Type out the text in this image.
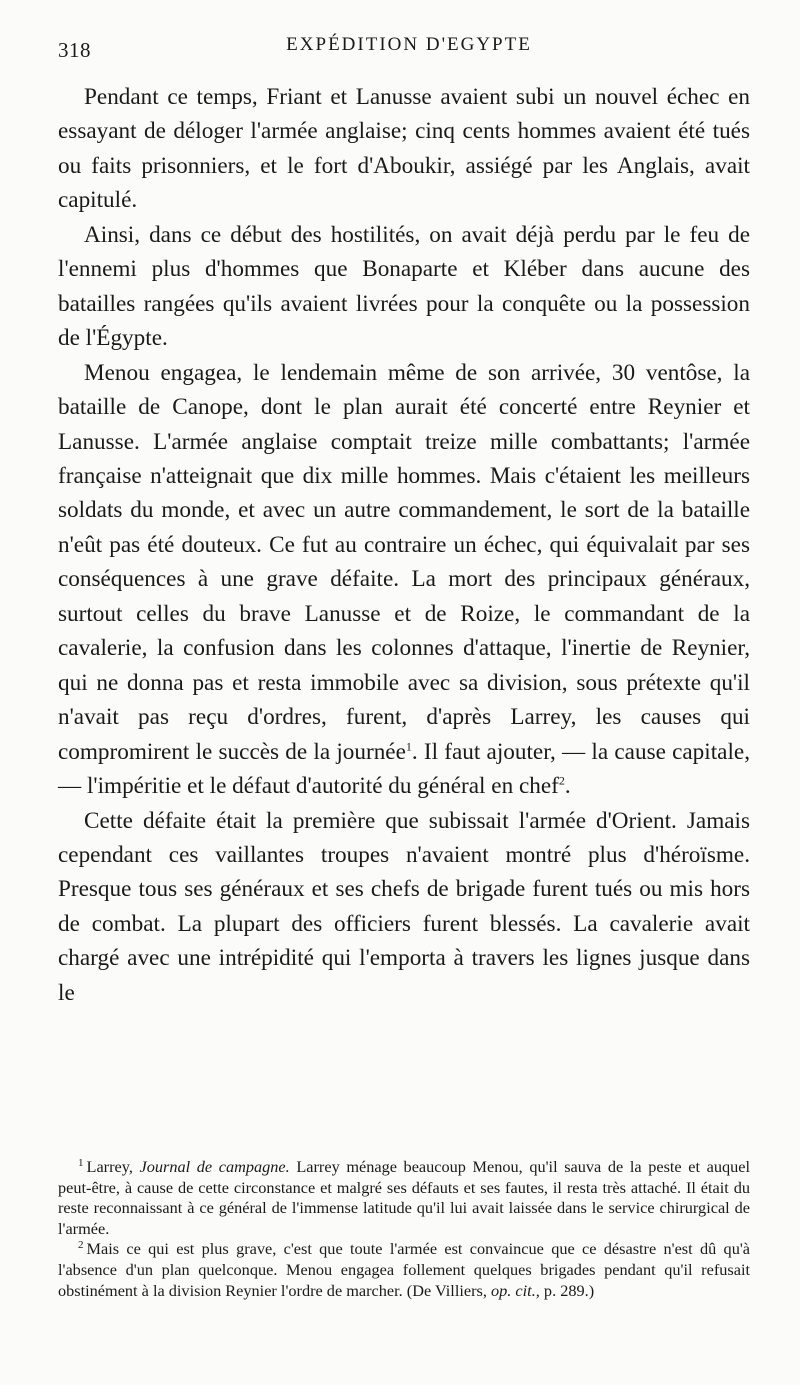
318	EXPÉDITION D'EGYPTE

Pendant ce temps, Friant et Lanusse avaient subi un nouvel échec en essayant de déloger l'armée anglaise; cinq cents hommes avaient été tués ou faits prisonniers, et le fort d'Aboukir, assiégé par les Anglais, avait capitulé.

Ainsi, dans ce début des hostilités, on avait déjà perdu par le feu de l'ennemi plus d'hommes que Bonaparte et Kléber dans aucune des batailles rangées qu'ils avaient livrées pour la conquête ou la possession de l'Égypte.

Menou engagea, le lendemain même de son arrivée, 30 ventôse, la bataille de Canope, dont le plan aurait été concerté entre Reynier et Lanusse. L'armée anglaise comptait treize mille combattants; l'armée française n'atteignait que dix mille hommes. Mais c'étaient les meilleurs soldats du monde, et avec un autre commandement, le sort de la bataille n'eût pas été douteux. Ce fut au contraire un échec, qui équivalait par ses conséquences à une grave défaite. La mort des principaux généraux, surtout celles du brave Lanusse et de Roize, le commandant de la cavalerie, la confusion dans les colonnes d'attaque, l'inertie de Reynier, qui ne donna pas et resta immobile avec sa division, sous prétexte qu'il n'avait pas reçu d'ordres, furent, d'après Larrey, les causes qui compromirent le succès de la journée$^1$. Il faut ajouter, — la cause capitale, — l'impéritie et le défaut d'autorité du général en chef$^2$.

Cette défaite était la première que subissait l'armée d'Orient. Jamais cependant ces vaillantes troupes n'avaient montré plus d'héroïsme. Presque tous ses généraux et ses chefs de brigade furent tués ou mis hors de combat. La plupart des officiers furent blessés. La cavalerie avait chargé avec une intrépidité qui l'emporta à travers les lignes jusque dans le

$^1$ Larrey, Journal de campagne. Larrey ménage beaucoup Menou, qu'il sauva de la peste et auquel peut-être, à cause de cette circonstance et malgré ses défauts et ses fautes, il resta très attaché. Il était du reste reconnaissant à ce général de l'immense latitude qu'il lui avait laissée dans le service chirurgical de l'armée.

$^2$ Mais ce qui est plus grave, c'est que toute l'armée est convaincue que ce désastre n'est dû qu'à l'absence d'un plan quelconque. Menou engagea follement quelques brigades pendant qu'il refusait obstinément à la division Reynier l'ordre de marcher. (De Villiers, op. cit., p. 289.)
